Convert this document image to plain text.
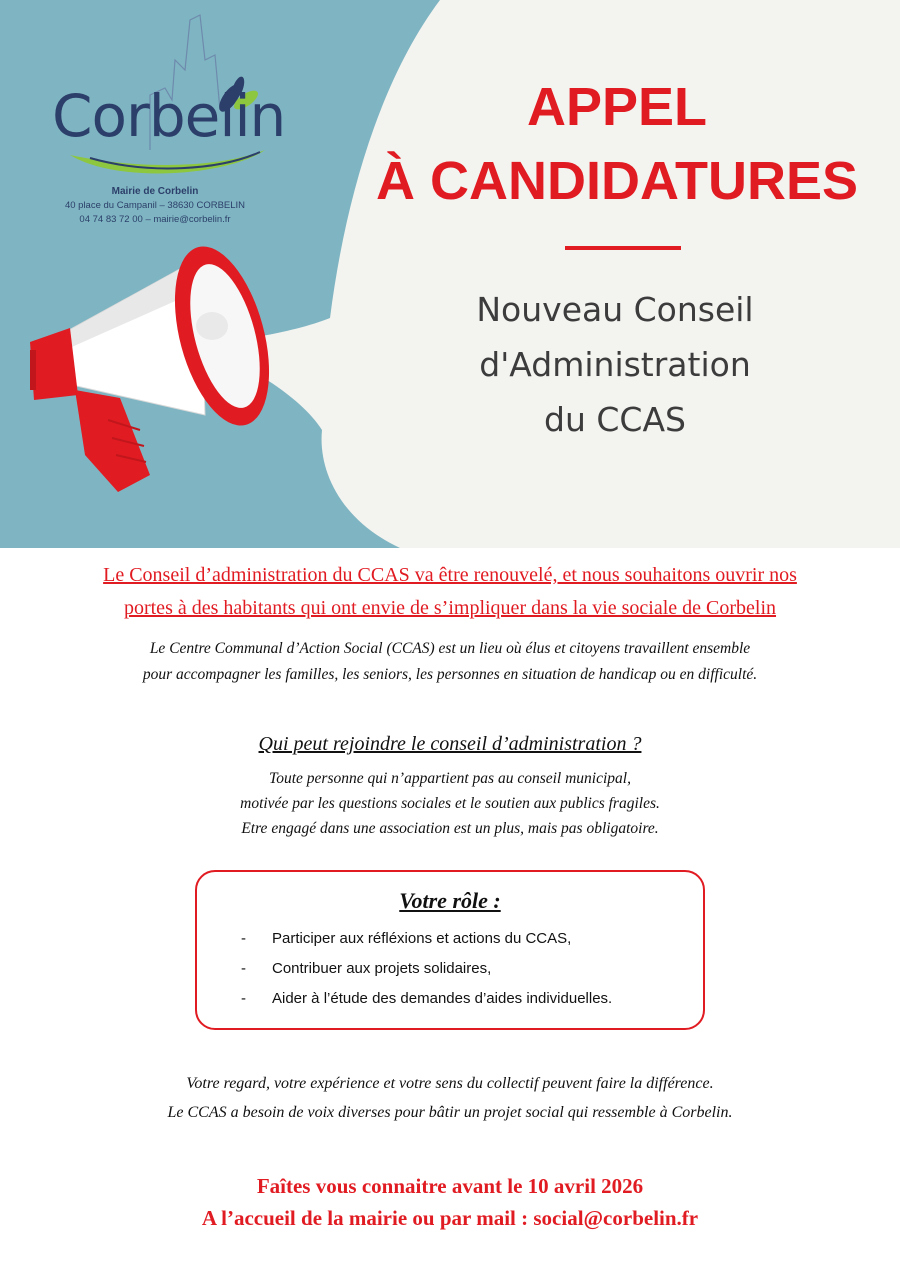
Corbelin
Mairie de Corbelin
40 place du Campanil – 38630 CORBELIN
04 74 83 72 00 – mairie@corbelin.fr
APPEL
À CANDIDATURES
Nouveau Conseil
d'Administration
du CCAS
Le Conseil d’administration du CCAS va être renouvelé, et nous souhaitons ouvrir nos
portes à des habitants qui ont envie de s’impliquer dans la vie sociale de Corbelin
Le Centre Communal d’Action Social (CCAS) est un lieu où élus et citoyens travaillent ensemble
pour accompagner les familles, les seniors, les personnes en situation de handicap ou en difficulté.
Qui peut rejoindre le conseil d’administration ?
Toute personne qui n’appartient pas au conseil municipal,
motivée par les questions sociales et le soutien aux publics fragiles.
Etre engagé dans une association est un plus, mais pas obligatoire.
Votre rôle :
- Participer aux réfléxions et actions du CCAS,
- Contribuer aux projets solidaires,
- Aider à l’étude des demandes d’aides individuelles.
Votre regard, votre expérience et votre sens du collectif peuvent faire la différence.
Le CCAS a besoin de voix diverses pour bâtir un projet social qui ressemble à Corbelin.
Faîtes vous connaitre avant le 10 avril 2026
A l’accueil de la mairie ou par mail : social@corbelin.fr
